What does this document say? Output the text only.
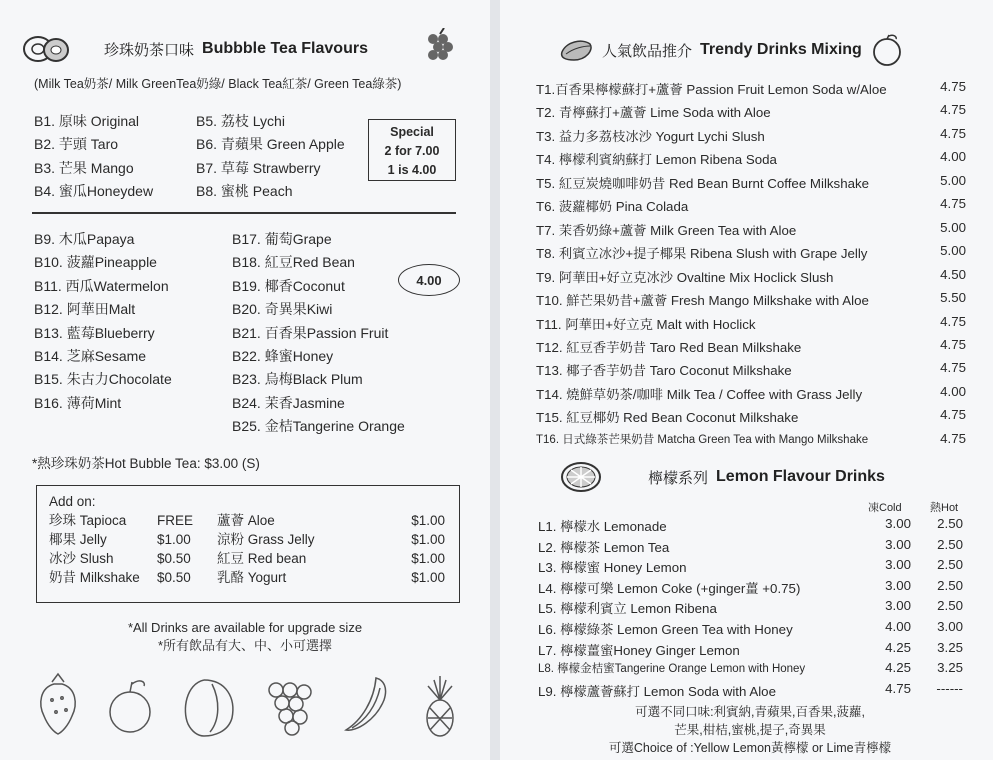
珍珠奶茶口味 Bubbble Tea Flavours
(Milk Tea奶茶/ Milk GreenTea奶綠/ Black Tea紅茶/ Green Tea綠茶)
B1. 原味 Original
B2. 芋頭 Taro
B3. 芒果 Mango
B4. 蜜瓜Honeydew
B5. 荔枝 Lychi
B6. 青蘋果 Green Apple
B7. 草莓 Strawberry
B8. 蜜桃 Peach
Special
2 for 7.00
1 is 4.00
B9. 木瓜Papaya
B10. 菠蘿Pineapple
B11. 西瓜Watermelon
B12. 阿華田Malt
B13. 藍莓Blueberry
B14. 芝麻Sesame
B15. 朱古力Chocolate
B16. 薄荷Mint
B17. 葡萄Grape
B18. 紅豆Red Bean
B19. 椰香Coconut
B20. 奇異果Kiwi
B21. 百香果Passion Fruit
B22. 蜂蜜Honey
B23. 烏梅Black Plum
B24. 茉香Jasmine
B25. 金桔Tangerine Orange
4.00
*熱珍珠奶茶Hot Bubble Tea: $3.00 (S)
Add on:
珍珠 Tapioca	FREE	蘆薈 Aloe	$1.00
椰果 Jelly	$1.00	涼粉 Grass Jelly	$1.00
冰沙 Slush	$0.50	紅豆 Red bean	$1.00
奶昔 Milkshake	$0.50	乳酪 Yogurt	$1.00
*All Drinks are available for upgrade size
*所有飲品有大、中、小可選擇
人氣飲品推介 Trendy Drinks Mixing
T1.百香果檸檬蘇打+蘆薈 Passion Fruit Lemon Soda w/Aloe	4.75
T2. 青檸蘇打+蘆薈 Lime Soda with Aloe	4.75
T3. 益力多荔枝冰沙 Yogurt Lychi Slush	4.75
T4. 檸檬利賓納蘇打 Lemon Ribena Soda	4.00
T5. 紅豆炭燒咖啡奶昔 Red Bean Burnt Coffee Milkshake	5.00
T6. 菠蘿椰奶 Pina Colada	4.75
T7. 茉香奶綠+蘆薈 Milk Green Tea with Aloe	5.00
T8. 利賓立冰沙+提子椰果 Ribena Slush with Grape Jelly	5.00
T9. 阿華田+好立克冰沙 Ovaltine Mix Hoclick Slush	4.50
T10. 鮮芒果奶昔+蘆薈 Fresh Mango Milkshake with Aloe	5.50
T11. 阿華田+好立克 Malt with Hoclick	4.75
T12. 紅豆香芋奶昔 Taro Red Bean Milkshake	4.75
T13. 椰子香芋奶昔 Taro Coconut Milkshake	4.75
T14. 燒鮮草奶茶/咖啡 Milk Tea / Coffee with Grass Jelly	4.00
T15. 紅豆椰奶 Red Bean Coconut Milkshake	4.75
T16. 日式綠茶芒果奶昔 Matcha Green Tea with Mango Milkshake	4.75
檸檬系列 Lemon Flavour Drinks
凍Cold	熱Hot
L1. 檸檬水 Lemonade	3.00	2.50
L2. 檸檬茶 Lemon Tea	3.00	2.50
L3. 檸檬蜜 Honey Lemon	3.00	2.50
L4. 檸檬可樂 Lemon Coke (+ginger薑 +0.75)	3.00	2.50
L5. 檸檬利賓立 Lemon Ribena	3.00	2.50
L6. 檸檬綠茶 Lemon Green Tea with Honey	4.00	3.00
L7. 檸檬薑蜜Honey Ginger Lemon	4.25	3.25
L8. 檸檬金桔蜜Tangerine Orange Lemon with Honey	4.25	3.25
L9. 檸檬蘆薈蘇打 Lemon Soda with Aloe	4.75	------
可選不同口味:利賓納,青蘋果,百香果,菠蘿,
芒果,柑桔,蜜桃,提子,奇異果
可選Choice of :Yellow Lemon黃檸檬 or Lime青檸檬
